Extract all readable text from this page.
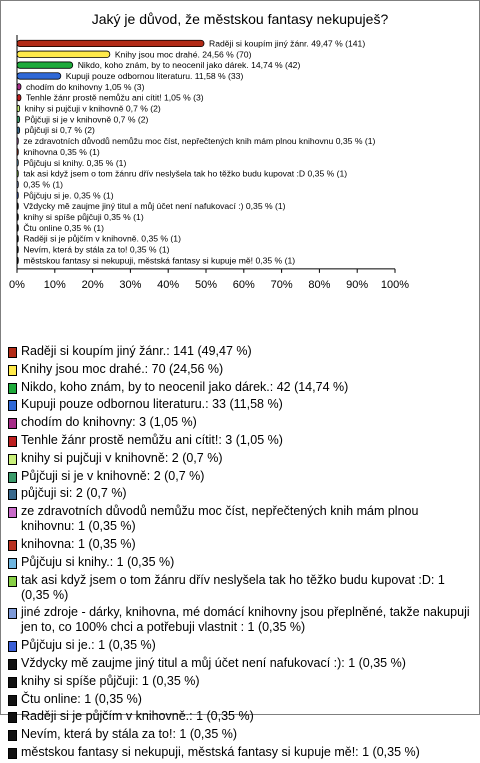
Jaký je důvod, že městskou fantasy nekupuješ?
Raději si koupím jiný žánr. 49,47 % (141)
Knihy jsou moc drahé. 24,56 % (70)
Nikdo, koho znám, by to neocenil jako dárek. 14,74 % (42)
Kupuji pouze odbornou literaturu. 11,58 % (33)
chodím do knihovny 1,05 % (3)
Tenhle žánr prostě nemůžu ani cítit! 1,05 % (3)
knihy si pujčuji v knihovně 0,7 % (2)
Půjčuji si je v knihovně 0,7 % (2)
půjčuji si 0,7 % (2)
ze zdravotních důvodů nemůžu moc číst, nepřečtených knih mám plnou knihovnu 0,35 % (1)
knihovna 0,35 % (1)
Půjčuju si knihy. 0,35 % (1)
tak asi když jsem o tom žánru dřív neslyšela tak ho těžko budu kupovat :D 0,35 % (1)
0,35 % (1)
Půjčuju si je. 0,35 % (1)
Vždycky mě zaujme jiný titul a můj účet není nafukovací :) 0,35 % (1)
knihy si spíše půjčuji 0,35 % (1)
Čtu online 0,35 % (1)
Raději si je půjčím v knihovně. 0,35 % (1)
Nevím, která by stála za to! 0,35 % (1)
městskou fantasy si nekupuji, městská fantasy si kupuje mě! 0,35 % (1)
0% 10% 20% 30% 40% 50% 60% 70% 80% 90% 100%
Raději si koupím jiný žánr.: 141 (49,47 %)
Knihy jsou moc drahé.: 70 (24,56 %)
Nikdo, koho znám, by to neocenil jako dárek.: 42 (14,74 %)
Kupuji pouze odbornou literaturu.: 33 (11,58 %)
chodím do knihovny: 3 (1,05 %)
Tenhle žánr prostě nemůžu ani cítit!: 3 (1,05 %)
knihy si pujčuji v knihovně: 2 (0,7 %)
Půjčuji si je v knihovně: 2 (0,7 %)
půjčuji si: 2 (0,7 %)
ze zdravotních důvodů nemůžu moc číst, nepřečtených knih mám plnou knihovnu: 1 (0,35 %)
knihovna: 1 (0,35 %)
Půjčuju si knihy.: 1 (0,35 %)
tak asi když jsem o tom žánru dřív neslyšela tak ho těžko budu kupovat :D: 1 (0,35 %)
jiné zdroje - dárky, knihovna, mé domácí knihovny jsou přeplněné, takže nakupuji jen to, co 100% chci a potřebuji vlastnit : 1 (0,35 %)
Půjčuju si je.: 1 (0,35 %)
Vždycky mě zaujme jiný titul a můj účet není nafukovací :): 1 (0,35 %)
knihy si spíše půjčuji: 1 (0,35 %)
Čtu online: 1 (0,35 %)
Raději si je půjčím v knihovně.: 1 (0,35 %)
Nevím, která by stála za to!: 1 (0,35 %)
městskou fantasy si nekupuji, městská fantasy si kupuje mě!: 1 (0,35 %)
